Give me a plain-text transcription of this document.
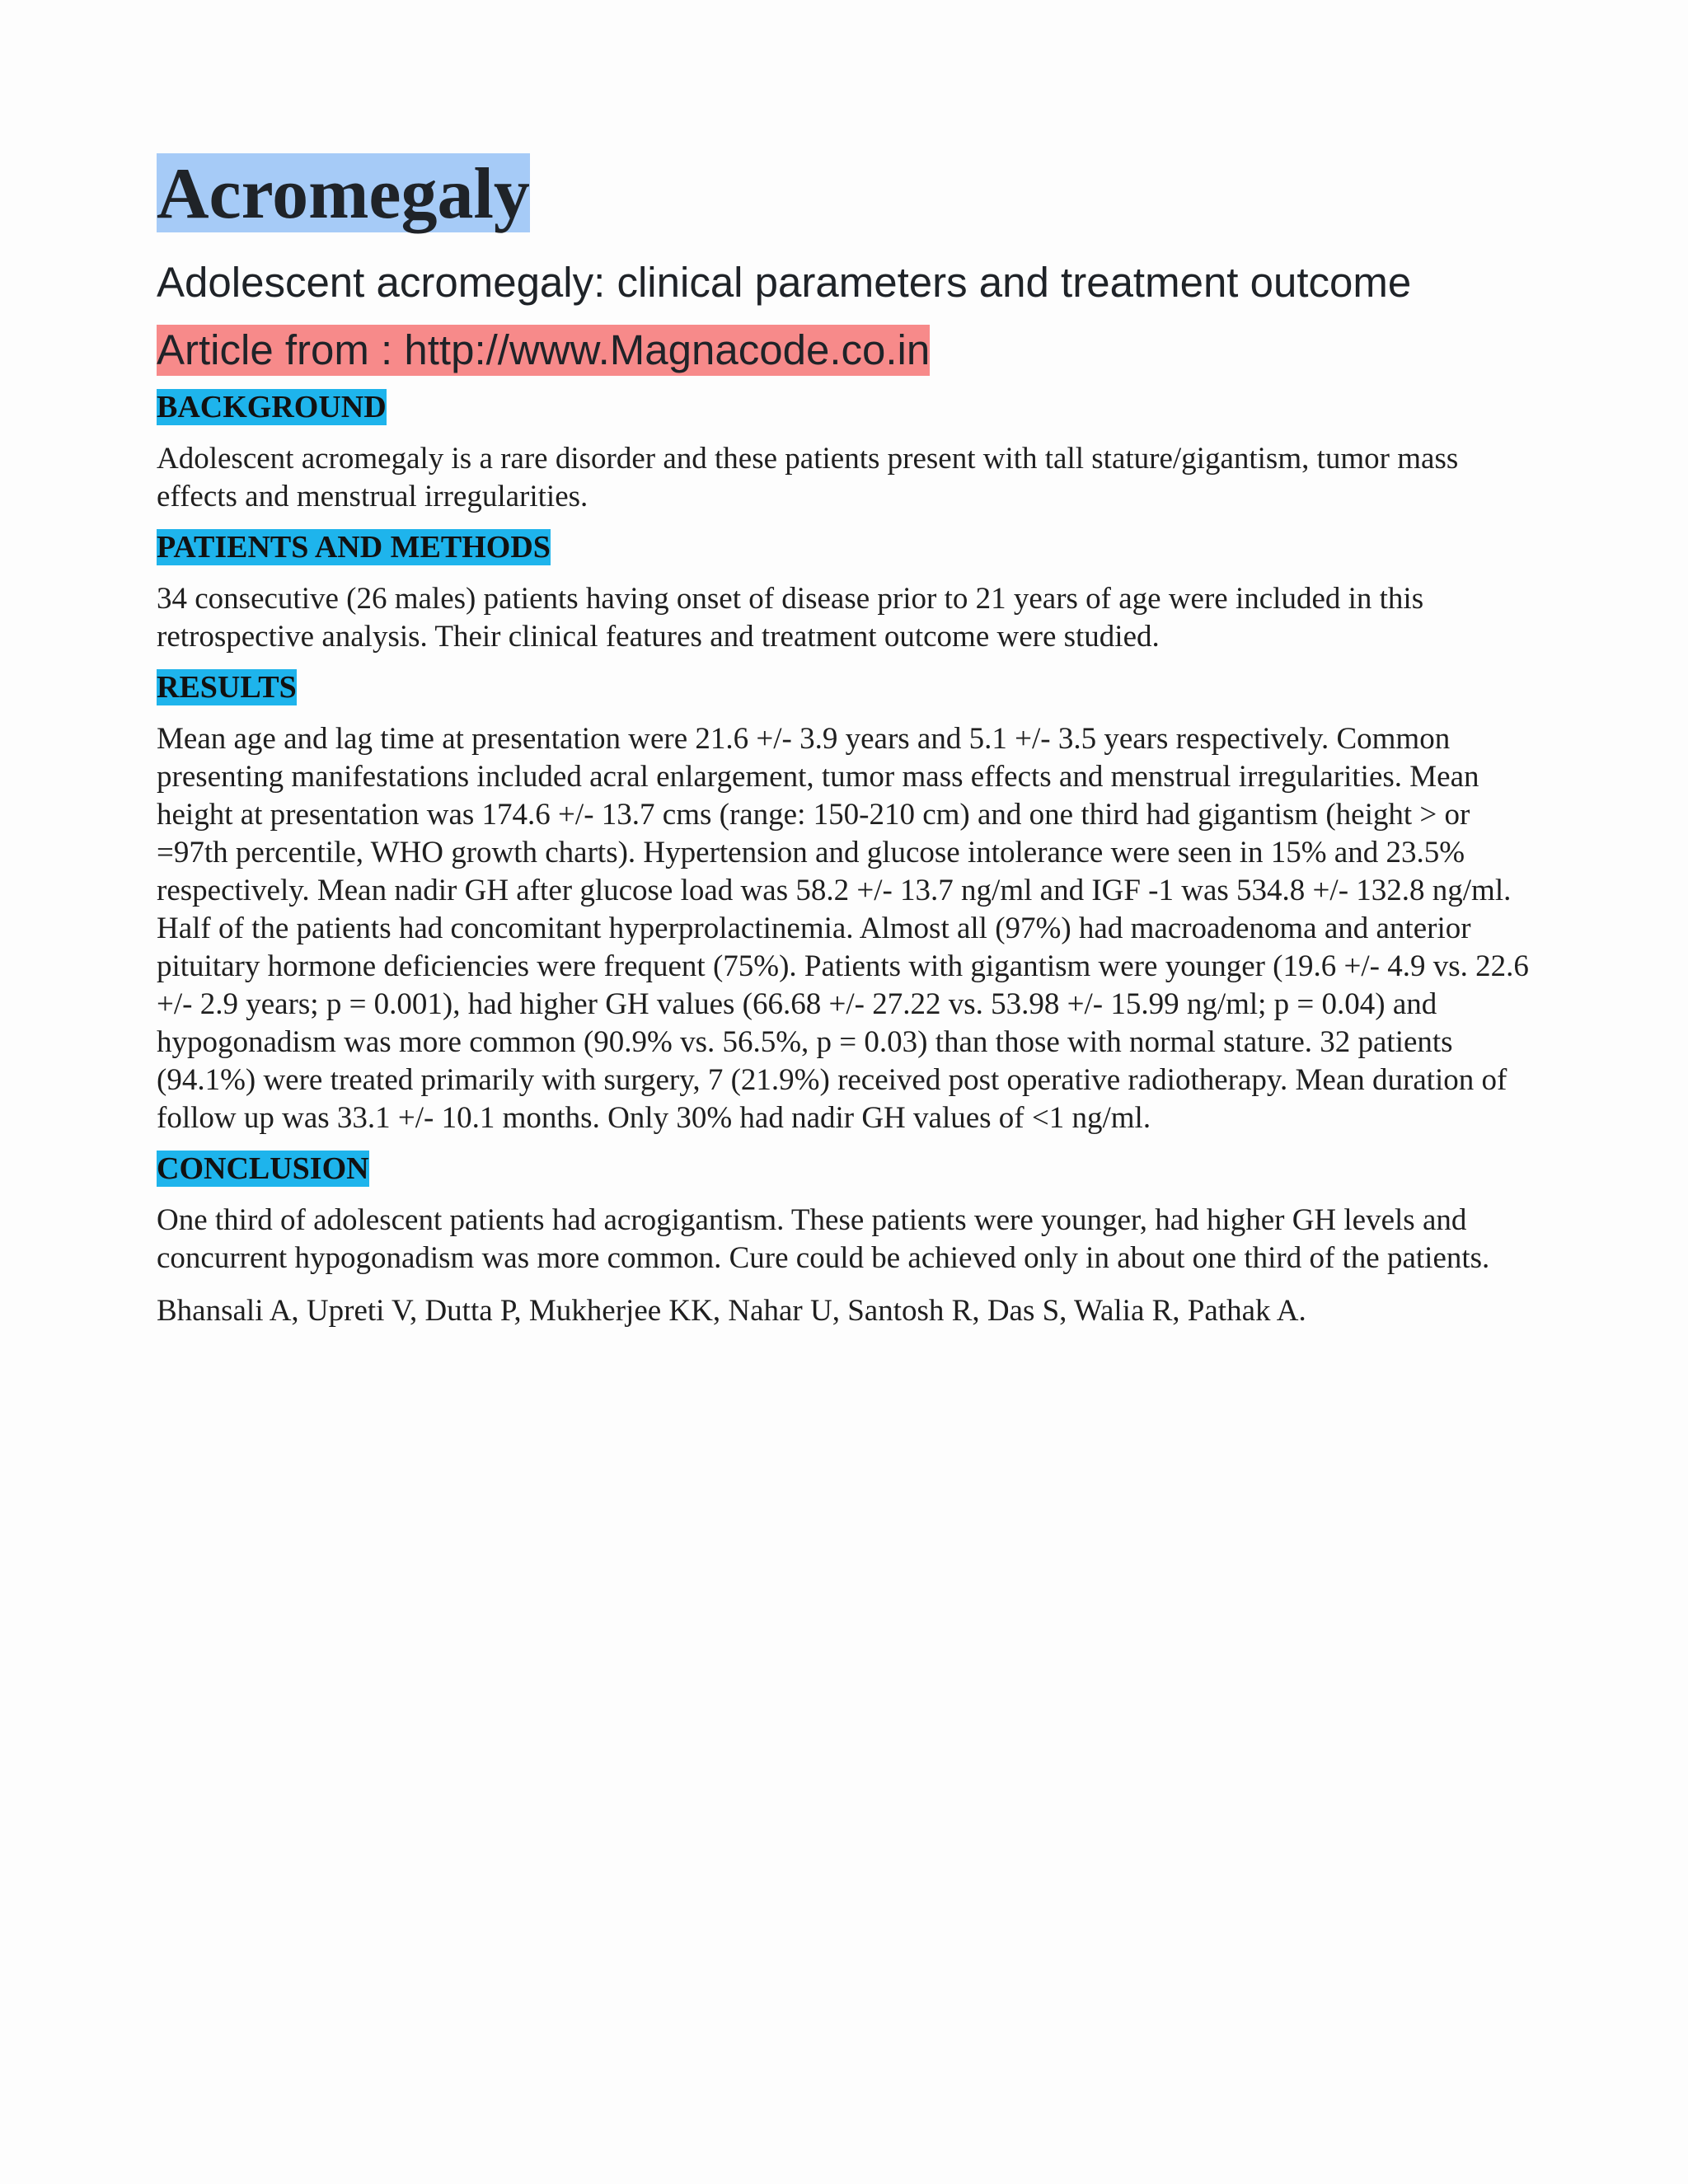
Acromegaly
Adolescent acromegaly: clinical parameters and treatment outcome
Article from : http://www.Magnacode.co.in
BACKGROUND

Adolescent acromegaly is a rare disorder and these patients present with tall stature/gigantism, tumor mass effects and menstrual irregularities.

PATIENTS AND METHODS

34 consecutive (26 males) patients having onset of disease prior to 21 years of age were included in this retrospective analysis. Their clinical features and treatment outcome were studied.

RESULTS

Mean age and lag time at presentation were 21.6 +/- 3.9 years and 5.1 +/- 3.5 years respectively. Common presenting manifestations included acral enlargement, tumor mass effects and menstrual irregularities. Mean height at presentation was 174.6 +/- 13.7 cms (range: 150-210 cm) and one third had gigantism (height > or =97th percentile, WHO growth charts). Hypertension and glucose intolerance were seen in 15% and 23.5% respectively. Mean nadir GH after glucose load was 58.2 +/- 13.7 ng/ml and IGF -1 was 534.8 +/- 132.8 ng/ml. Half of the patients had concomitant hyperprolactinemia. Almost all (97%) had macroadenoma and anterior pituitary hormone deficiencies were frequent (75%). Patients with gigantism were younger (19.6 +/- 4.9 vs. 22.6 +/- 2.9 years; p = 0.001), had higher GH values (66.68 +/- 27.22 vs. 53.98 +/- 15.99 ng/ml; p = 0.04) and hypogonadism was more common (90.9% vs. 56.5%, p = 0.03) than those with normal stature. 32 patients (94.1%) were treated primarily with surgery, 7 (21.9%) received post operative radiotherapy. Mean duration of follow up was 33.1 +/- 10.1 months. Only 30% had nadir GH values of <1 ng/ml.

CONCLUSION

One third of adolescent patients had acrogigantism. These patients were younger, had higher GH levels and concurrent hypogonadism was more common. Cure could be achieved only in about one third of the patients.

Bhansali A, Upreti V, Dutta P, Mukherjee KK, Nahar U, Santosh R, Das S, Walia R, Pathak A.
